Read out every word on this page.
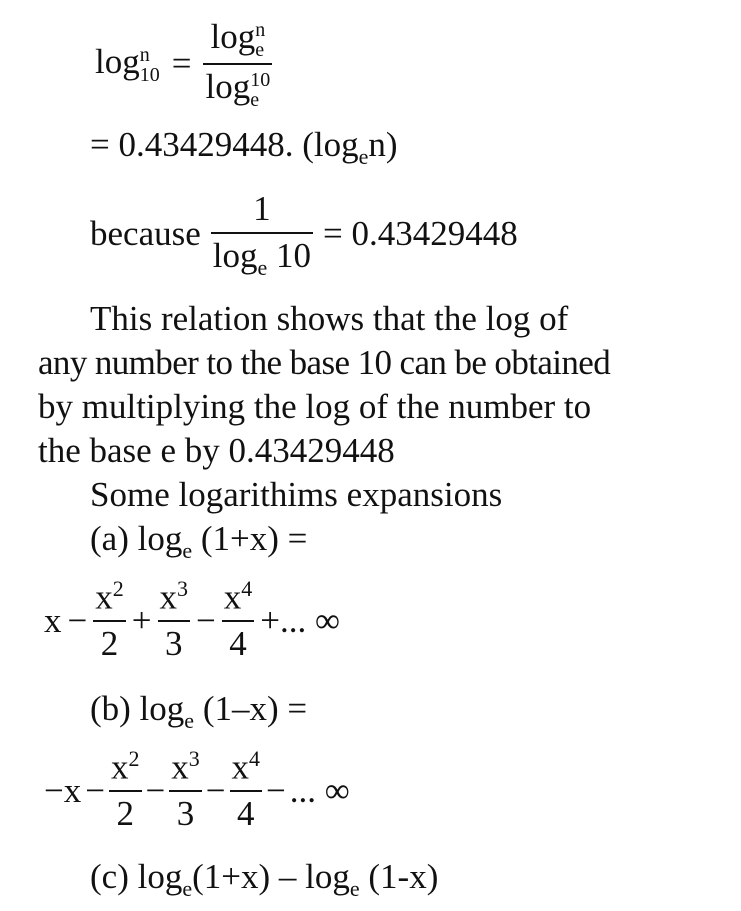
log n
10 = log n
e
log 10
e
= 0.43429448. $(\log_en)$
because $\frac{1}{\log_e 10} = 0.43429448$
This relation shows that the log of
any number to the base 10 can be obtained
by multiplying the log of the number to
the base e by 0.43429448
Some logarithims expansions
(a) $\log_e (1+x)$ =
$x - \frac{x^2}{2} + \frac{x^3}{3} - \frac{x^4}{4}$ +... ∞
(b) $\log_e (1-x)$ =
$-x - \frac{x^2}{2} - \frac{x^3}{3} - \frac{x^4}{4}$ − ... ∞
(c) $\log_e(1+x) - \log_e (1-x)$
